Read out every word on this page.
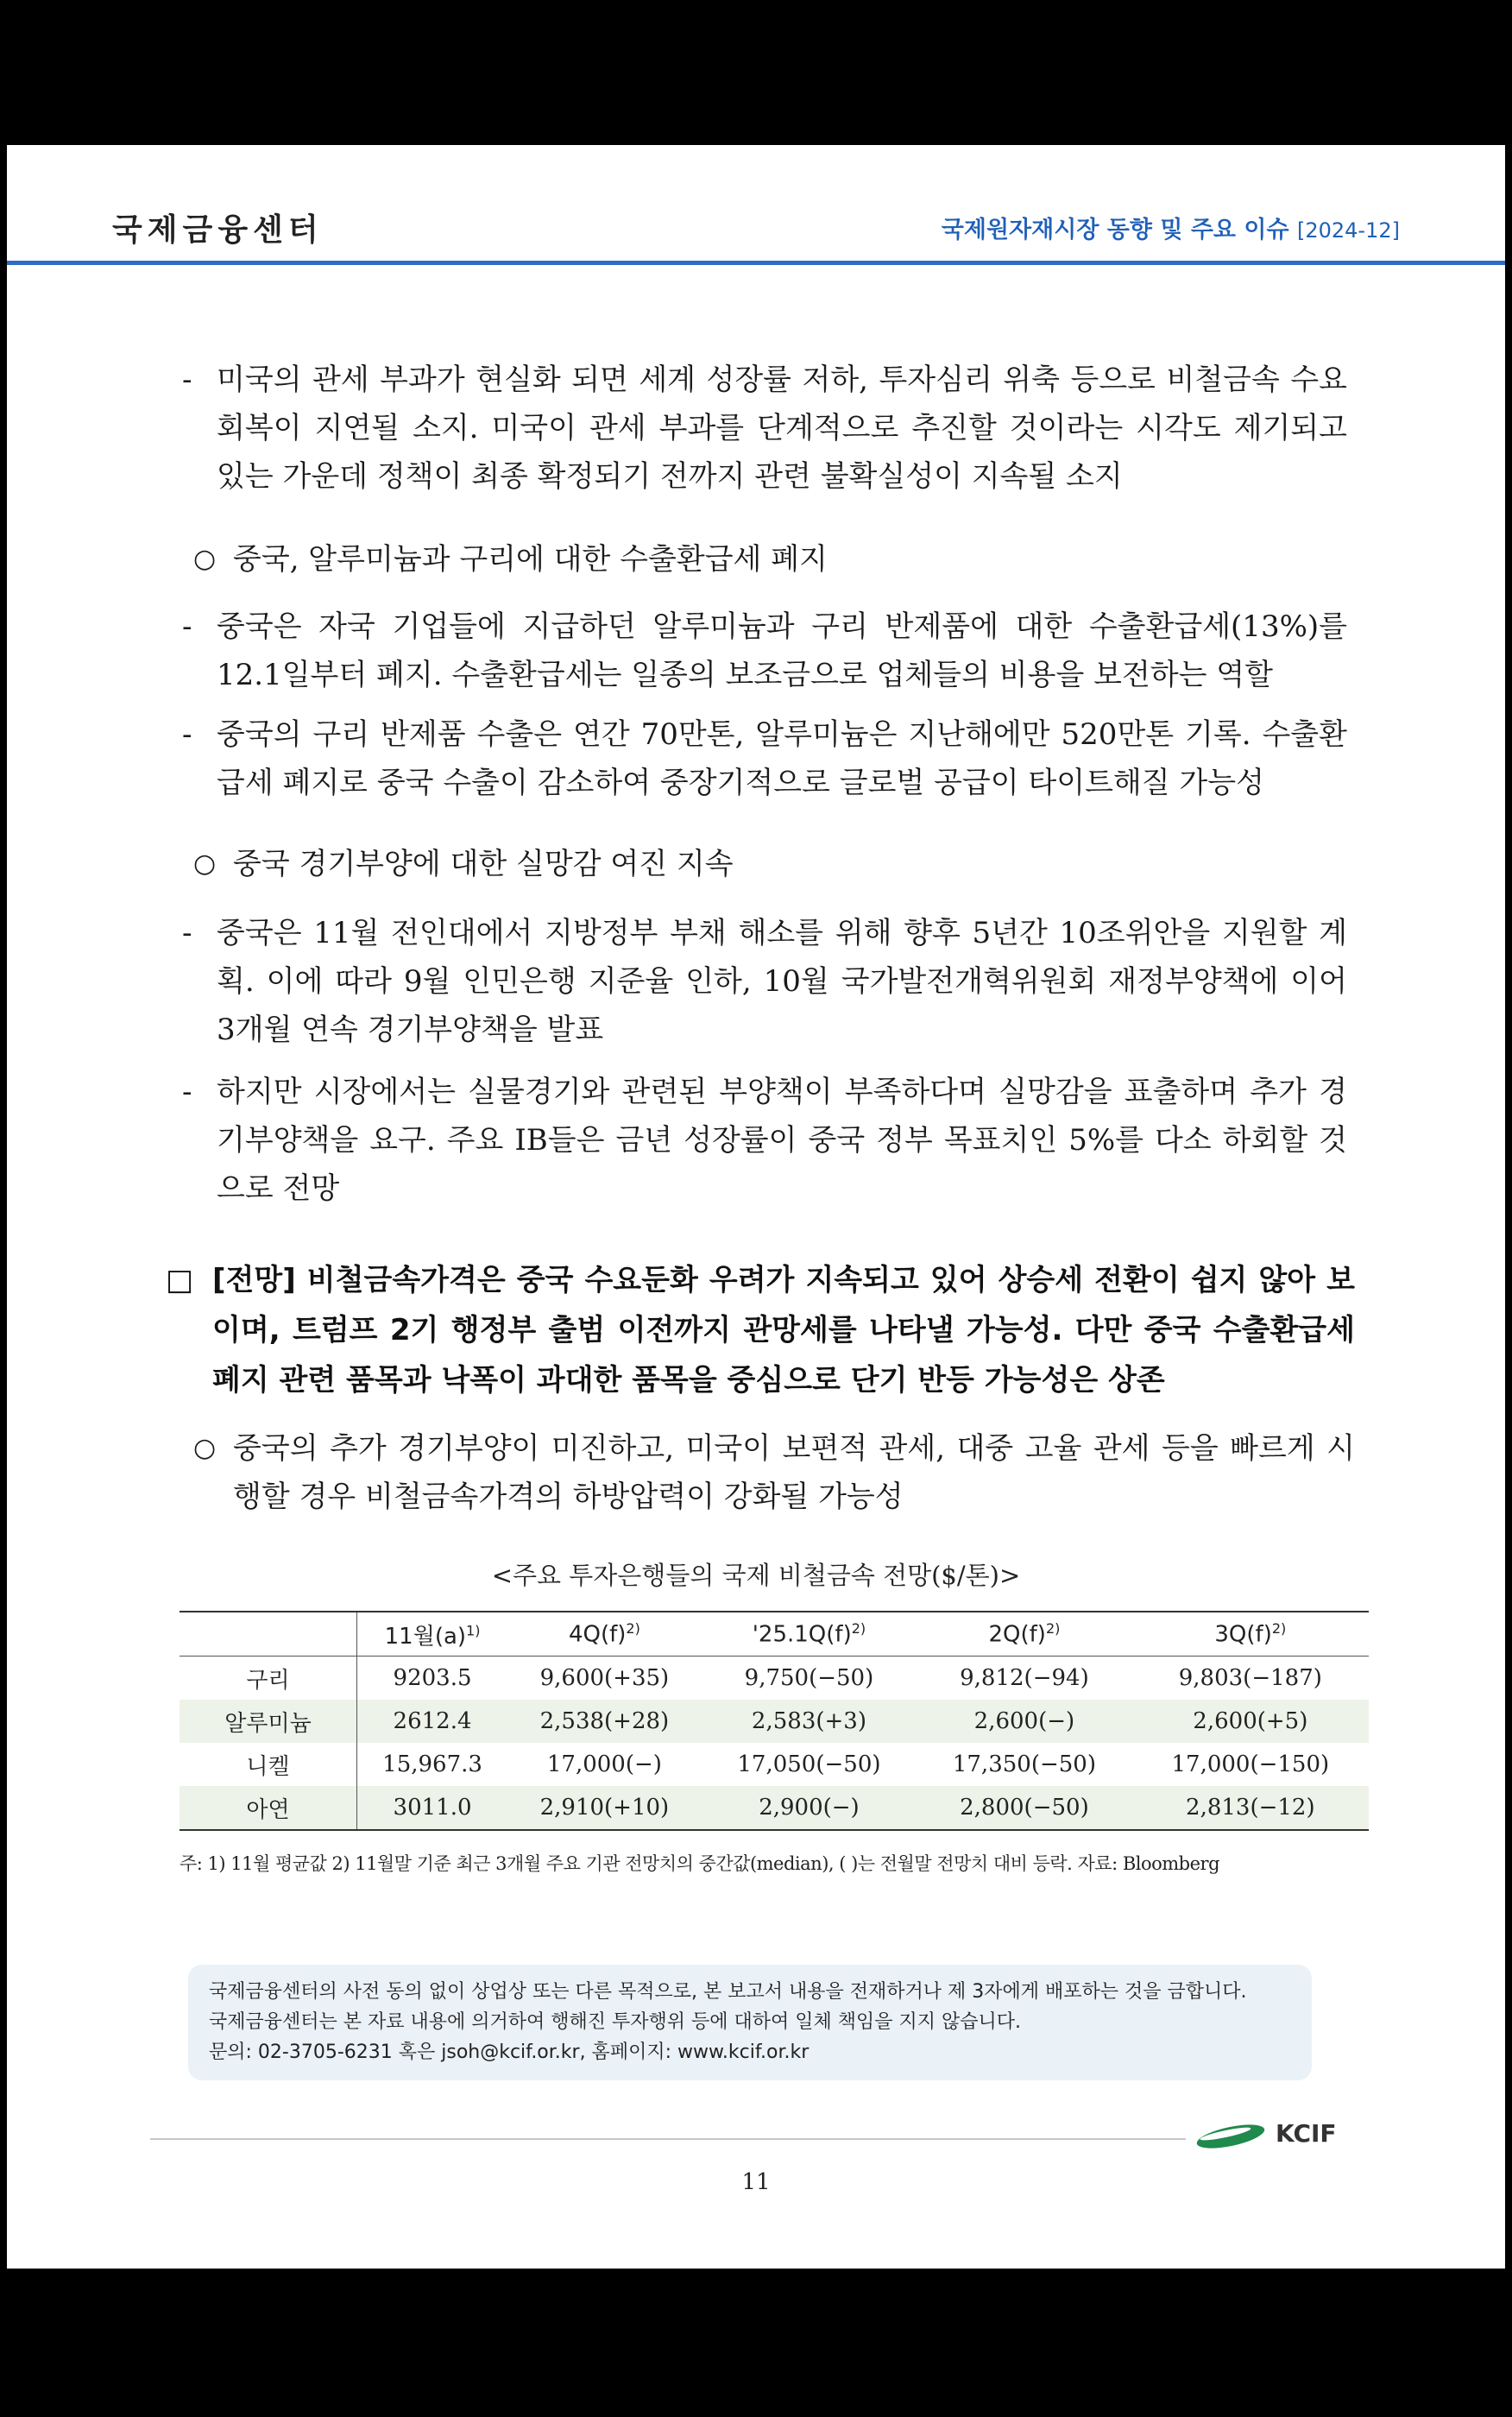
국제금융센터	국제원자재시장 동향 및 주요 이슈 [2024-12]
- 미국의 관세 부과가 현실화 되면 세계 성장률 저하, 투자심리 위축 등으로 비철금속 수요 회복이 지연될 소지. 미국이 관세 부과를 단계적으로 추진할 것이라는 시각도 제기되고 있는 가운데 정책이 최종 확정되기 전까지 관련 불확실성이 지속될 소지
○ 중국, 알루미늄과 구리에 대한 수출환급세 폐지
- 중국은 자국 기업들에 지급하던 알루미늄과 구리 반제품에 대한 수출환급세(13%)를 12.1일부터 폐지. 수출환급세는 일종의 보조금으로 업체들의 비용을 보전하는 역할
- 중국의 구리 반제품 수출은 연간 70만톤, 알루미늄은 지난해에만 520만톤 기록. 수출환급세 폐지로 중국 수출이 감소하여 중장기적으로 글로벌 공급이 타이트해질 가능성
○ 중국 경기부양에 대한 실망감 여진 지속
- 중국은 11월 전인대에서 지방정부 부채 해소를 위해 향후 5년간 10조위안을 지원할 계획. 이에 따라 9월 인민은행 지준율 인하, 10월 국가발전개혁위원회 재정부양책에 이어 3개월 연속 경기부양책을 발표
- 하지만 시장에서는 실물경기와 관련된 부양책이 부족하다며 실망감을 표출하며 추가 경기부양책을 요구. 주요 IB들은 금년 성장률이 중국 정부 목표치인 5%를 다소 하회할 것으로 전망
□ [전망] 비철금속가격은 중국 수요둔화 우려가 지속되고 있어 상승세 전환이 쉽지 않아 보이며, 트럼프 2기 행정부 출범 이전까지 관망세를 나타낼 가능성. 다만 중국 수출환급세 폐지 관련 품목과 낙폭이 과대한 품목을 중심으로 단기 반등 가능성은 상존
○ 중국의 추가 경기부양이 미진하고, 미국이 보편적 관세, 대중 고율 관세 등을 빠르게 시행할 경우 비철금속가격의 하방압력이 강화될 가능성
<주요 투자은행들의 국제 비철금속 전망($/톤)>
	11월$(a)^{1)}$	$4Q(f)^{2)}$	'$25.1Q(f)^{2)}$	$2Q(f)^{2)}$	$3Q(f)^{2)}$
구리	9203.5	9,600(+35)	9,750(−50)	9,812(−94)	9,803(−187)
알루미늄	2612.4	2,538(+28)	2,583(+3)	2,600(−)	2,600(+5)
니켈	15,967.3	17,000(−)	17,050(−50)	17,350(−50)	17,000(−150)
아연	3011.0	2,910(+10)	2,900(−)	2,800(−50)	2,813(−12)
주: 1) 11월 평균값 2) 11월말 기준 최근 3개월 주요 기관 전망치의 중간값(median), ( )는 전월말 전망치 대비 등락. 자료: Bloomberg
국제금융센터의 사전 동의 없이 상업상 또는 다른 목적으로, 본 보고서 내용을 전재하거나 제 3자에게 배포하는 것을 금합니다.
국제금융센터는 본 자료 내용에 의거하여 행해진 투자행위 등에 대하여 일체 책임을 지지 않습니다.
문의: 02-3705-6231 혹은 jsoh@kcif.or.kr, 홈페이지: www.kcif.or.kr
KCIF
11
